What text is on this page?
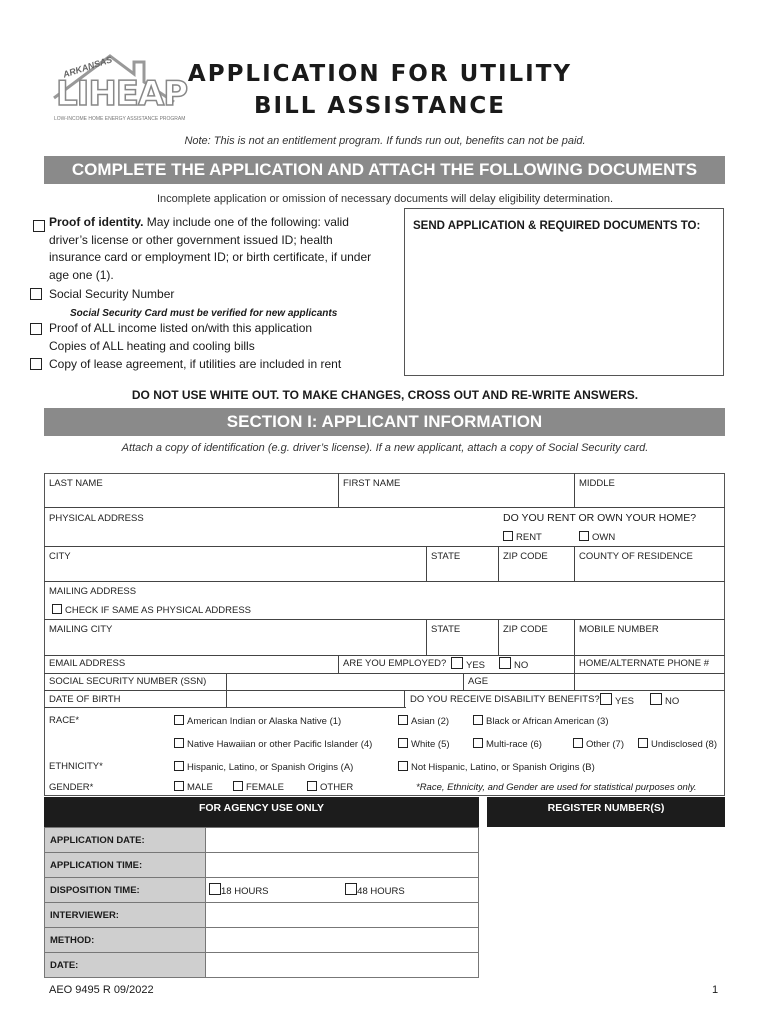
ARKANSAS
LIHEAP
LOW-INCOME HOME ENERGY ASSISTANCE PROGRAM
APPLICATION FOR UTILITY
BILL ASSISTANCE
Note: This is not an entitlement program. If funds run out, benefits can not be paid.
COMPLETE THE APPLICATION AND ATTACH THE FOLLOWING DOCUMENTS
Incomplete application or omission of necessary documents will delay eligibility determination.
Proof of identity. May include one of the following: valid
driver’s license or other government issued ID; health
insurance card or employment ID; or birth certificate, if under
age one (1).
Social Security Number
Social Security Card must be verified for new applicants
Proof of ALL income listed on/with this application
Copies of ALL heating and cooling bills
Copy of lease agreement, if utilities are included in rent
SEND APPLICATION & REQUIRED DOCUMENTS TO:
DO NOT USE WHITE OUT. TO MAKE CHANGES, CROSS OUT AND RE-WRITE ANSWERS.
SECTION I: APPLICANT INFORMATION
Attach a copy of identification (e.g. driver’s license). If a new applicant, attach a copy of Social Security card.
LAST NAME	FIRST NAME	MIDDLE
PHYSICAL ADDRESS	DO YOU RENT OR OWN YOUR HOME?
RENT	OWN
CITY	STATE	ZIP CODE	COUNTY OF RESIDENCE
MAILING ADDRESS
CHECK IF SAME AS PHYSICAL ADDRESS
MAILING CITY	STATE	ZIP CODE	MOBILE NUMBER
EMAIL ADDRESS	ARE YOU EMPLOYED?	YES	NO	HOME/ALTERNATE PHONE #
SOCIAL SECURITY NUMBER (SSN)	AGE
DATE OF BIRTH	DO YOU RECEIVE DISABILITY BENEFITS?	YES	NO
RACE*	American Indian or Alaska Native (1)	Asian (2)	Black or African American (3)
Native Hawaiian or other Pacific Islander (4)	White (5)	Multi-race (6)	Other (7)	Undisclosed (8)
ETHNICITY*	Hispanic, Latino, or Spanish Origins (A)	Not Hispanic, Latino, or Spanish Origins (B)
GENDER*	MALE	FEMALE	OTHER	*Race, Ethnicity, and Gender are used for statistical purposes only.
FOR AGENCY USE ONLY	REGISTER NUMBER(S)
APPLICATION DATE:	
APPLICATION TIME:	
DISPOSITION TIME:	18 HOURS 48 HOURS
INTERVIEWER:	
METHOD:	
DATE:	
AEO 9495 R 09/2022	1
